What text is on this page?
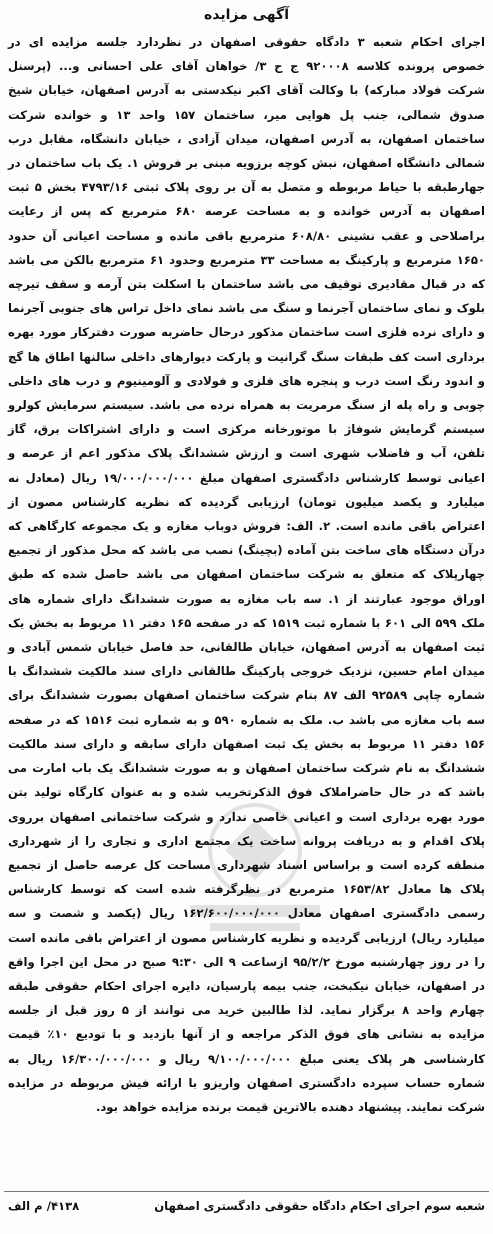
آگهی مزایده

اجرای احکام شعبه ۳ دادگاه حقوقی اصفهان در نظردارد جلسه مزایده ای در خصوص پرونده کلاسه ۹۲۰۰۰۸ ج ح ۳/ خواهان آقای علی احسانی و... (پرسنل شرکت فولاد مبارکه) با وکالت آقای اکبر نیکدستی به آدرس اصفهان، خیابان شیخ صدوق شمالی، جنب پل هوایی میر، ساختمان ۱۵۷ واحد ۱۳ و خوانده شرکت ساختمان اصفهان، به آدرس اصفهان، میدان آزادی ، خیابان دانشگاه، مقابل درب شمالی دانشگاه اصفهان، نبش کوچه برزویه مبنی بر فروش ۱. یک باب ساختمان در جهارطبقه با حیاط مربوطه و متصل به آن بر روی پلاک ثبتی ۴۷۹۳/۱۶ بخش ۵ ثبت اصفهان به آدرس خوانده و به مساحت عرصه ۶۸۰ مترمربع که پس از رعایت براصلاحی و عقب نشینی ۶۰۸/۸۰ مترمربع باقی مانده و مساحت اعیانی آن حدود ۱۶۵۰ مترمربع و پارکینگ به مساحت ۳۳ مترمربع وحدود ۶۱ مترمربع بالکن می باشد که در قبال مقادیری توقیف می باشد ساختمان با اسکلت بتن آرمه و سقف تیرچه بلوک و نمای ساختمان آجرنما و سنگ می باشد نمای داخل تراس های جنوبی آجرنما و دارای نرده فلزی است ساختمان مذکور درحال حاضربه صورت دفترکار مورد بهره برداری است کف طبقات سنگ گرانیت و پارکت دیوارهای داخلی سالنها اطاق ها گچ و اندود رنگ است درب و پنجره های فلزی و فولادی و آلومینیوم و درب های داخلی چوبی و راه پله از سنگ مرمریت به همراه نرده می باشد. سیستم سرمایش کولرو سیستم گرمایش شوفاژ با موتورخانه مرکزی است و دارای اشتراکات برق، گاز تلفن، آب و فاضلاب شهری است و ارزش ششدانگ پلاک مذکور اعم از عرصه و اعیانی توسط کارشناس دادگستری اصفهان مبلغ ۱۹/۰۰۰/۰۰۰/۰۰۰ ریال (معادل نه میلیارد و یکصد میلیون تومان) ارزیابی گردیده که نظریه کارشناس مصون از اعتراض باقی مانده است. ۲. الف: فروش دوباب مغازه و یک مجموعه کارگاهی که درآن دستگاه های ساخت بتن آماده (بچینگ) نصب می باشد که محل مذکور از تجمیع چهارپلاک که متعلق به شرکت ساختمان اصفهان می باشد حاصل شده که طبق اوراق موجود عبارتند از ۱. سه باب مغازه به صورت ششدانگ دارای شماره های ملک ۵۹۹ الی ۶۰۱ با شماره ثبت ۱۵۱۹ که در صفحه ۱۶۵ دفتر ۱۱ مربوط به بخش یک ثبت اصفهان به آدرس اصفهان، خیابان طالقانی، حد فاصل خیابان شمس آبادی و میدان امام حسین، نزدیک خروجی پارکینگ طالقانی دارای سند مالکیت ششدانگ با شماره چاپی ۹۲۵۸۹ الف ۸۷ بنام شرکت ساختمان اصفهان بصورت ششدانگ برای سه باب مغازه می باشد ب. ملک به شماره ۵۹۰ و به شماره ثبت ۱۵۱۶ که در صفحه ۱۵۶ دفتر ۱۱ مربوط به بخش یک ثبت اصفهان دارای سابقه و دارای سند مالکیت ششدانگ به نام شرکت ساختمان اصفهان و به صورت ششدانگ یک باب امارت می باشد که در حال حاضراملاک فوق الذکرتخریب شده و به عنوان کارگاه تولید بتن مورد بهره برداری است و اعیانی خاصی ندارد و شرکت ساختمانی اصفهان برروی پلاک اقدام و به دریافت پروانه ساخت یک مجتمع اداری و تجاری را از شهرداری منطقه کرده است و براساس اسناد شهرداری مساحت کل عرصه حاصل از تجمیع پلاک ها معادل ۱۶۵۳/۸۲ مترمربع در نظرگرفته شده است که توسط کارشناس رسمی دادگستری اصفهان معادل ۱۶۲/۶۰۰/۰۰۰/۰۰۰ ریال (یکصد و شصت و سه میلیارد ریال) ارزیابی گردیده و نظریه کارشناس مصون از اعتراض باقی مانده است را در روز چهارشنبه مورخ ۹۵/۲/۲ ازساعت ۹ الی ۹:۳۰ صبح در محل این اجرا واقع در اصفهان، خیابان نیکبخت، جنب بیمه پارسیان، دایره اجرای احکام حقوقی طبقه چهارم واحد ۸ برگزار نماید. لذا طالبین خرید می توانند از ۵ روز قبل از جلسه مزایده به نشانی های فوق الذکر مراجعه و از آنها بازدید و با تودیع ۱۰٪ قیمت کارشناسی هر پلاک یعنی مبلغ ۹/۱۰۰/۰۰۰/۰۰۰ ریال و ۱۶/۳۰۰/۰۰۰/۰۰۰ ریال به شماره حساب سپرده دادگستری اصفهان واریزو با ارائه فیش مربوطه در مزایده شرکت نمایند. پیشنهاد دهنده بالاترین قیمت برنده مزایده خواهد بود.

شعبه سوم اجرای احکام دادگاه حقوقی دادگستری اصفهان
۴۱۳۸/ م الف
